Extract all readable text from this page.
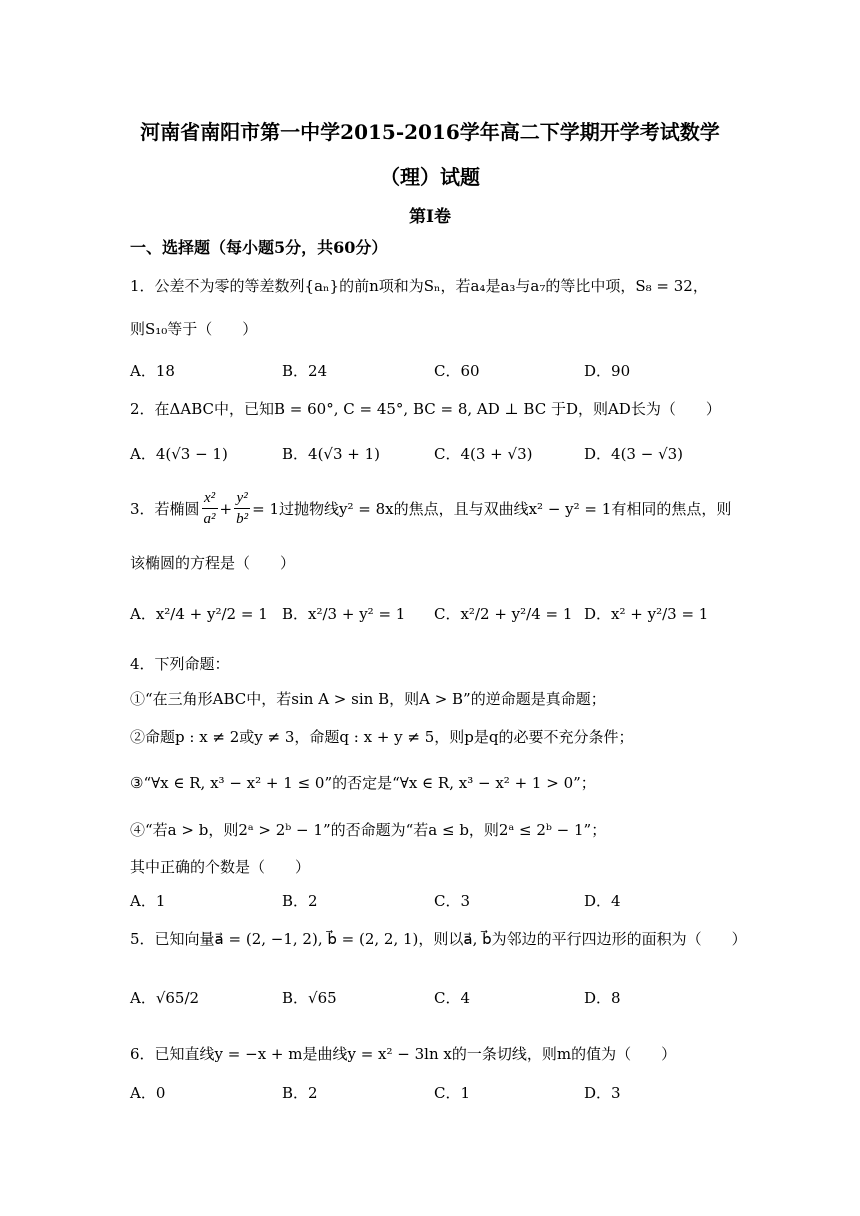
河南省南阳市第一中学2015-2016学年高二下学期开学考试数学
（理）试题
第Ⅰ卷
一、选择题（每小题5分，共60分）
1．公差不为零的等差数列{aₙ}的前n项和为Sₙ，若a₄是a₃与a₇的等比中项，S₈ = 32，
则S₁₀等于（　　）
A．18	B．24	C．60	D．90
2．在ΔABC中，已知B = 60°, C = 45°, BC = 8, AD ⊥ BC 于D，则AD长为（　　）
A．4(√3 − 1)	B．4(√3 + 1)	C．4(3 + √3)	D．4(3 − √3)
3．若椭圆 $\frac{\text{x²}}{\text{a²}} + \frac{\text{y²}}{\text{b²}} = 1$过抛物线y² = 8x的焦点，且与双曲线x² − y² = 1有相同的焦点，则
该椭圆的方程是（　　）
A．x²/4 + y²/2 = 1 B．x²/3 + y² = 1 C．x²/2 + y²/4 = 1 D．x² + y²/3 = 1
4．下列命题：
①“在三角形ABC中，若sin A > sin B，则A > B”的逆命题是真命题；
②命题p : x ≠ 2或y ≠ 3，命题q : x + y ≠ 5，则p是q的必要不充分条件；
③“∀x ∈ R, x³ − x² + 1 ≤ 0”的否定是“∀x ∈ R, x³ − x² + 1 > 0”；
④“若a > b，则2ᵃ > 2ᵇ − 1”的否命题为“若a ≤ b，则2ᵃ ≤ 2ᵇ − 1”；
其中正确的个数是（　　）
A．1	B．2	C．3	D．4
5．已知向量a⃗ = (2, −1, 2), b⃗ = (2, 2, 1)，则以a⃗, b⃗为邻边的平行四边形的面积为（　　）
A．√65/2	B．√65	C．4	D．8
6．已知直线y = −x + m是曲线y = x² − 3ln x的一条切线，则m的值为（　　）
A．0	B．2	C．1	D．3
